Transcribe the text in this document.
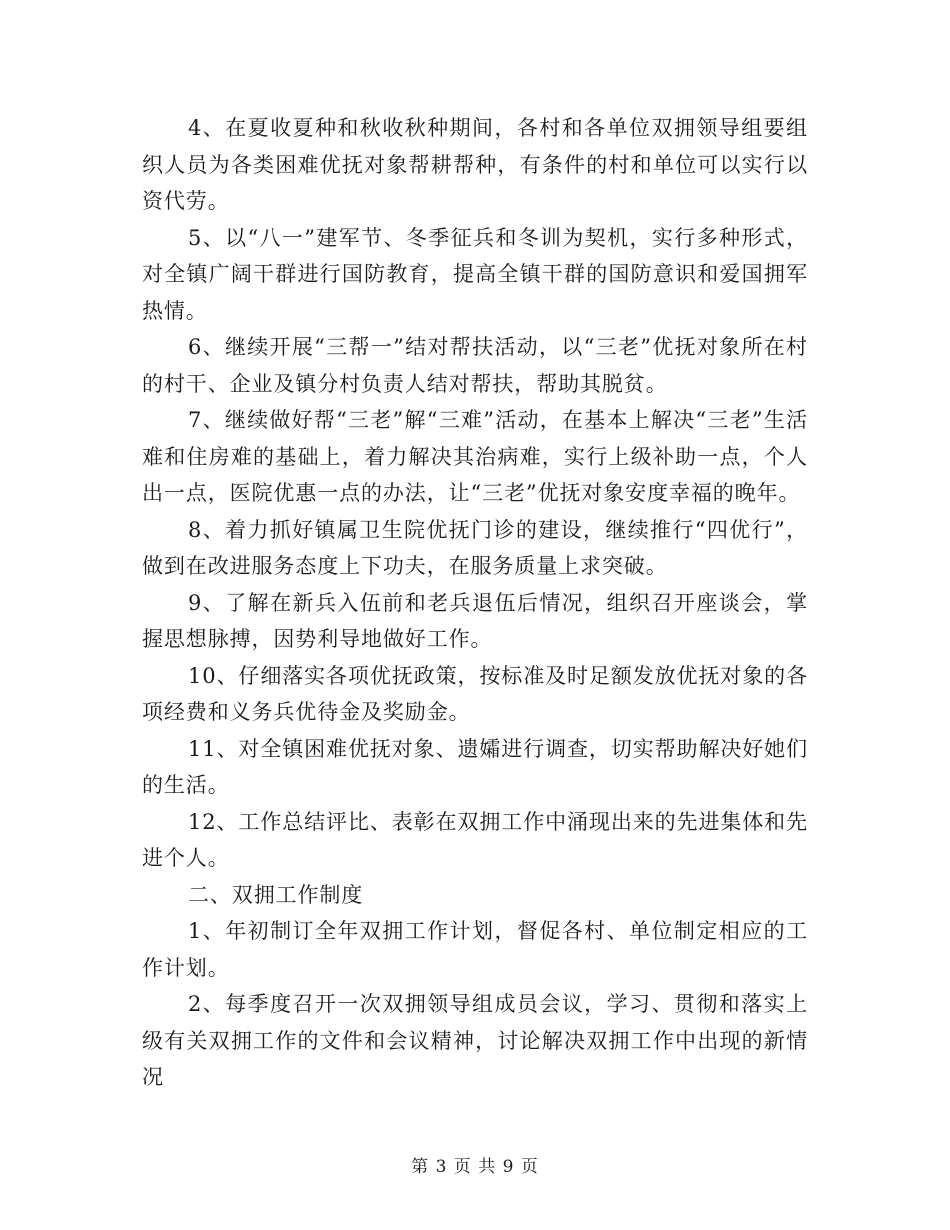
4、在夏收夏种和秋收秋种期间，各村和各单位双拥领导组要组织人员为各类困难优抚对象帮耕帮种，有条件的村和单位可以实行以资代劳。

5、以“八一”建军节、冬季征兵和冬训为契机，实行多种形式，对全镇广阔干群进行国防教育，提高全镇干群的国防意识和爱国拥军热情。

6、继续开展“三帮一”结对帮扶活动，以“三老”优抚对象所在村的村干、企业及镇分村负责人结对帮扶，帮助其脱贫。

7、继续做好帮“三老”解“三难”活动，在基本上解决“三老”生活难和住房难的基础上，着力解决其治病难，实行上级补助一点，个人出一点，医院优惠一点的办法，让“三老”优抚对象安度幸福的晚年。

8、着力抓好镇属卫生院优抚门诊的建设，继续推行“四优行”，做到在改进服务态度上下功夫，在服务质量上求突破。

9、了解在新兵入伍前和老兵退伍后情况，组织召开座谈会，掌握思想脉搏，因势利导地做好工作。

10、仔细落实各项优抚政策，按标准及时足额发放优抚对象的各项经费和义务兵优待金及奖励金。

11、对全镇困难优抚对象、遗孀进行调查，切实帮助解决好她们的生活。

12、工作总结评比、表彰在双拥工作中涌现出来的先进集体和先进个人。

二、双拥工作制度

1、年初制订全年双拥工作计划，督促各村、单位制定相应的工作计划。

2、每季度召开一次双拥领导组成员会议，学习、贯彻和落实上级有关双拥工作的文件和会议精神，讨论解决双拥工作中出现的新情况

第 3 页 共 9 页
